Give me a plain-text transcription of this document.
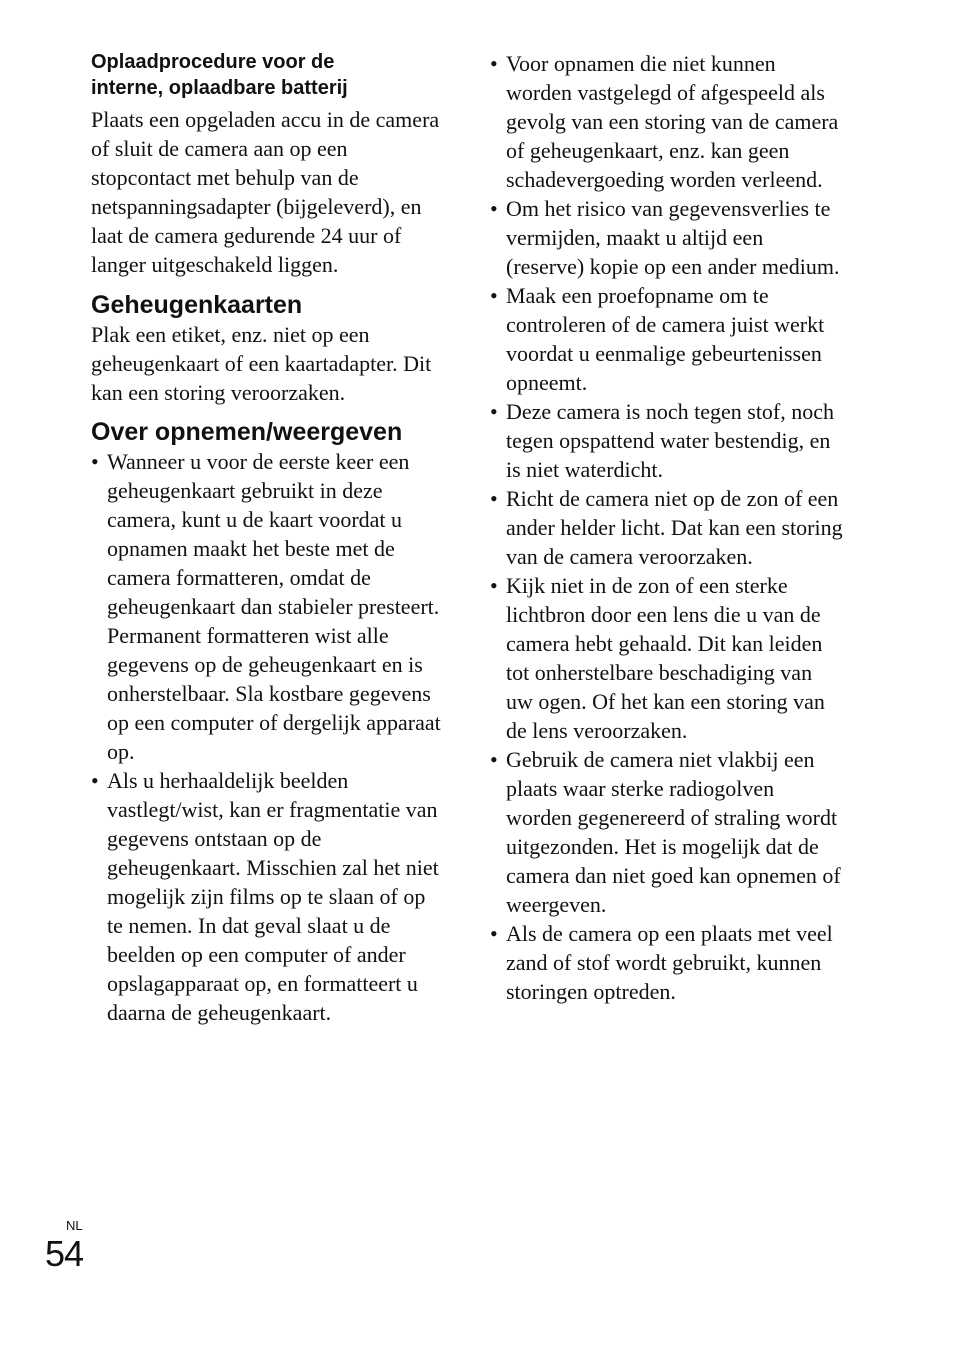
Oplaadprocedure voor de interne, oplaadbare batterij

Plaats een opgeladen accu in de camera of sluit de camera aan op een stopcontact met behulp van de netspanningsadapter (bijgeleverd), en laat de camera gedurende 24 uur of langer uitgeschakeld liggen.

Geheugenkaarten

Plak een etiket, enz. niet op een geheugenkaart of een kaartadapter. Dit kan een storing veroorzaken.

Over opnemen/weergeven
• Wanneer u voor de eerste keer een geheugenkaart gebruikt in deze camera, kunt u de kaart voordat u opnamen maakt het beste met de camera formatteren, omdat de geheugenkaart dan stabieler presteert. Permanent formatteren wist alle gegevens op de geheugenkaart en is onherstelbaar. Sla kostbare gegevens op een computer of dergelijk apparaat op.
• Als u herhaaldelijk beelden vastlegt/wist, kan er fragmentatie van gegevens ontstaan op de geheugenkaart. Misschien zal het niet mogelijk zijn films op te slaan of op te nemen. In dat geval slaat u de beelden op een computer of ander opslagapparaat op, en formatteert u daarna de geheugenkaart.
• Voor opnamen die niet kunnen worden vastgelegd of afgespeeld als gevolg van een storing van de camera of geheugenkaart, enz. kan geen schadevergoeding worden verleend.
• Om het risico van gegevensverlies te vermijden, maakt u altijd een (reserve) kopie op een ander medium.
• Maak een proefopname om te controleren of de camera juist werkt voordat u eenmalige gebeurtenissen opneemt.
• Deze camera is noch tegen stof, noch tegen opspattend water bestendig, en is niet waterdicht.
• Richt de camera niet op de zon of een ander helder licht. Dat kan een storing van de camera veroorzaken.
• Kijk niet in de zon of een sterke lichtbron door een lens die u van de camera hebt gehaald. Dit kan leiden tot onherstelbare beschadiging van uw ogen. Of het kan een storing van de lens veroorzaken.
• Gebruik de camera niet vlakbij een plaats waar sterke radiogolven worden gegenereerd of straling wordt uitgezonden. Het is mogelijk dat de camera dan niet goed kan opnemen of weergeven.
• Als de camera op een plaats met veel zand of stof wordt gebruikt, kunnen storingen optreden.

NL

54
